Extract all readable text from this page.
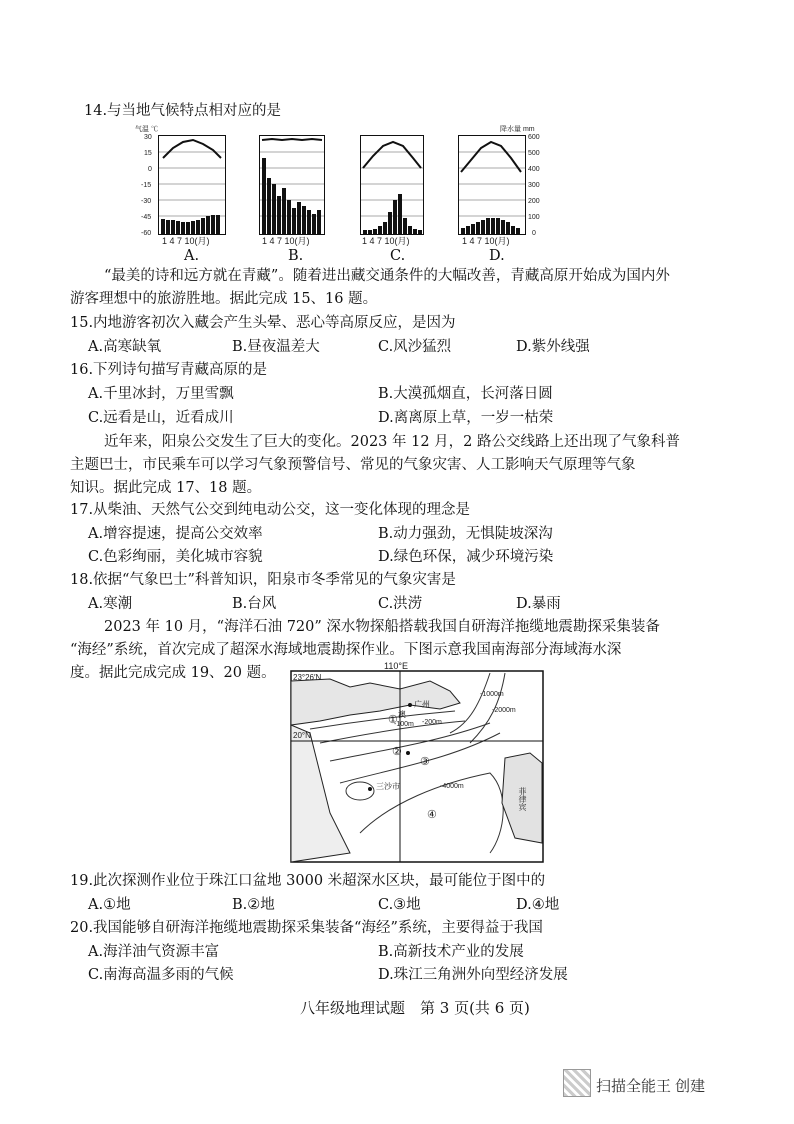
14.与当地气候特点相对应的是
气温 ℃	降水量 mm
30
15
0
-15
-30
-45
-60
600
500
400
300
200
100
0
1 4 7 10(月)	1 4 7 10(月)	1 4 7 10(月)	1 4 7 10(月)
A.	B.	C.	D.
“最美的诗和远方就在青藏”。随着进出藏交通条件的大幅改善，青藏高原开始成为国内外
游客理想中的旅游胜地。据此完成 15、16 题。
15.内地游客初次入藏会产生头晕、恶心等高原反应，是因为
A.高寒缺氧	B.昼夜温差大	C.风沙猛烈	D.紫外线强
16.下列诗句描写青藏高原的是
A.千里冰封，万里雪飘	B.大漠孤烟直，长河落日圆
C.远看是山，近看成川	D.离离原上草，一岁一枯荣
近年来，阳泉公交发生了巨大的变化。2023 年 12 月，2 路公交线路上还出现了气象科普
主题巴士，市民乘车可以学习气象预警信号、常见的气象灾害、人工影响天气原理等气象
知识。据此完成 17、18 题。
17.从柴油、天然气公交到纯电动公交，这一变化体现的理念是
A.增容提速，提高公交效率	B.动力强劲，无惧陡坡深沟
C.色彩绚丽，美化城市容貌	D.绿色环保，减少环境污染
18.依据“气象巴士”科普知识，阳泉市冬季常见的气象灾害是
A.寒潮	B.台风	C.洪涝	D.暴雨
2023 年 10 月，“海洋石油 720” 深水物探船搭载我国自研海洋拖缆地震勘探采集装备
“海经”系统，首次完成了超深水海域地震勘探作业。下图示意我国南海部分海域海水深
度。据此完成完成 19、20 题。	110°E
23°26′N
20°N
广州
澳
三沙市
-100m -200m
-1000m
-2000m
-4000m
菲律宾
①
②
③
④
19.此次探测作业位于珠江口盆地 3000 米超深水区块，最可能位于图中的
A.①地	B.②地	C.③地	D.④地
20.我国能够自研海洋拖缆地震勘探采集装备“海经”系统，主要得益于我国
A.海洋油气资源丰富	B.高新技术产业的发展
C.南海高温多雨的气候	D.珠江三角洲外向型经济发展
八年级地理试题　第 3 页(共 6 页)
扫描全能王 创建
